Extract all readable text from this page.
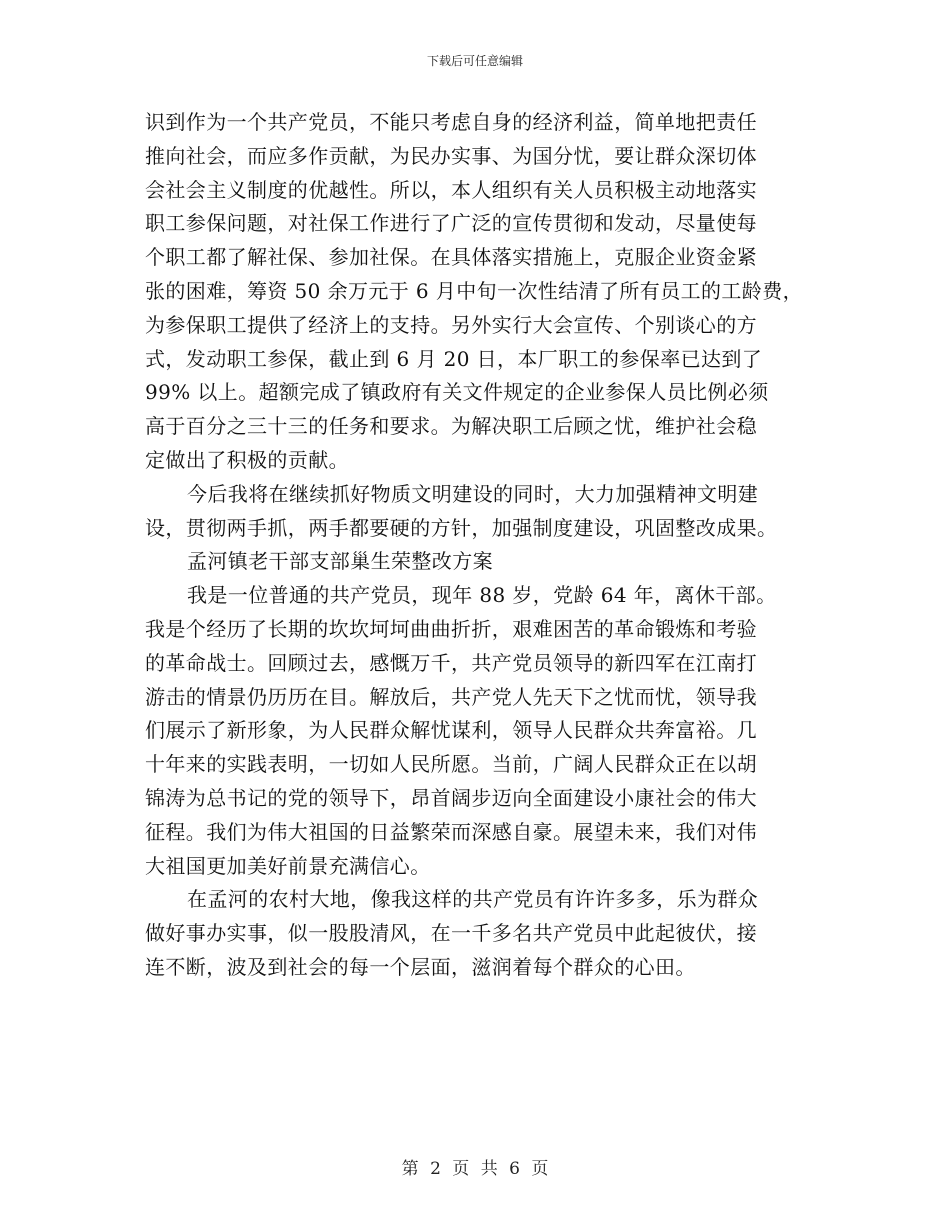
下载后可任意编辑
识到作为一个共产党员，不能只考虑自身的经济利益，简单地把责任
推向社会，而应多作贡献，为民办实事、为国分忧，要让群众深切体
会社会主义制度的优越性。所以，本人组织有关人员积极主动地落实
职工参保问题，对社保工作进行了广泛的宣传贯彻和发动，尽量使每
个职工都了解社保、参加社保。在具体落实措施上，克服企业资金紧
张的困难，筹资 50 余万元于 6 月中旬一次性结清了所有员工的工龄费，
为参保职工提供了经济上的支持。另外实行大会宣传、个别谈心的方
式，发动职工参保，截止到 6 月 20 日，本厂职工的参保率已达到了
99% 以上。超额完成了镇政府有关文件规定的企业参保人员比例必须
高于百分之三十三的任务和要求。为解决职工后顾之忧，维护社会稳
定做出了积极的贡献。
今后我将在继续抓好物质文明建设的同时，大力加强精神文明建
设，贯彻两手抓，两手都要硬的方针，加强制度建设，巩固整改成果。
孟河镇老干部支部巢生荣整改方案
我是一位普通的共产党员，现年 88 岁，党龄 64 年，离休干部。
我是个经历了长期的坎坎坷坷曲曲折折，艰难困苦的革命锻炼和考验
的革命战士。回顾过去，感慨万千，共产党员领导的新四军在江南打
游击的情景仍历历在目。解放后，共产党人先天下之忧而忧，领导我
们展示了新形象，为人民群众解忧谋利，领导人民群众共奔富裕。几
十年来的实践表明，一切如人民所愿。当前，广阔人民群众正在以胡
锦涛为总书记的党的领导下，昂首阔步迈向全面建设小康社会的伟大
征程。我们为伟大祖国的日益繁荣而深感自豪。展望未来，我们对伟
大祖国更加美好前景充满信心。
在孟河的农村大地，像我这样的共产党员有许许多多，乐为群众
做好事办实事，似一股股清风，在一千多名共产党员中此起彼伏，接
连不断，波及到社会的每一个层面，滋润着每个群众的心田。
第 2 页 共 6 页
